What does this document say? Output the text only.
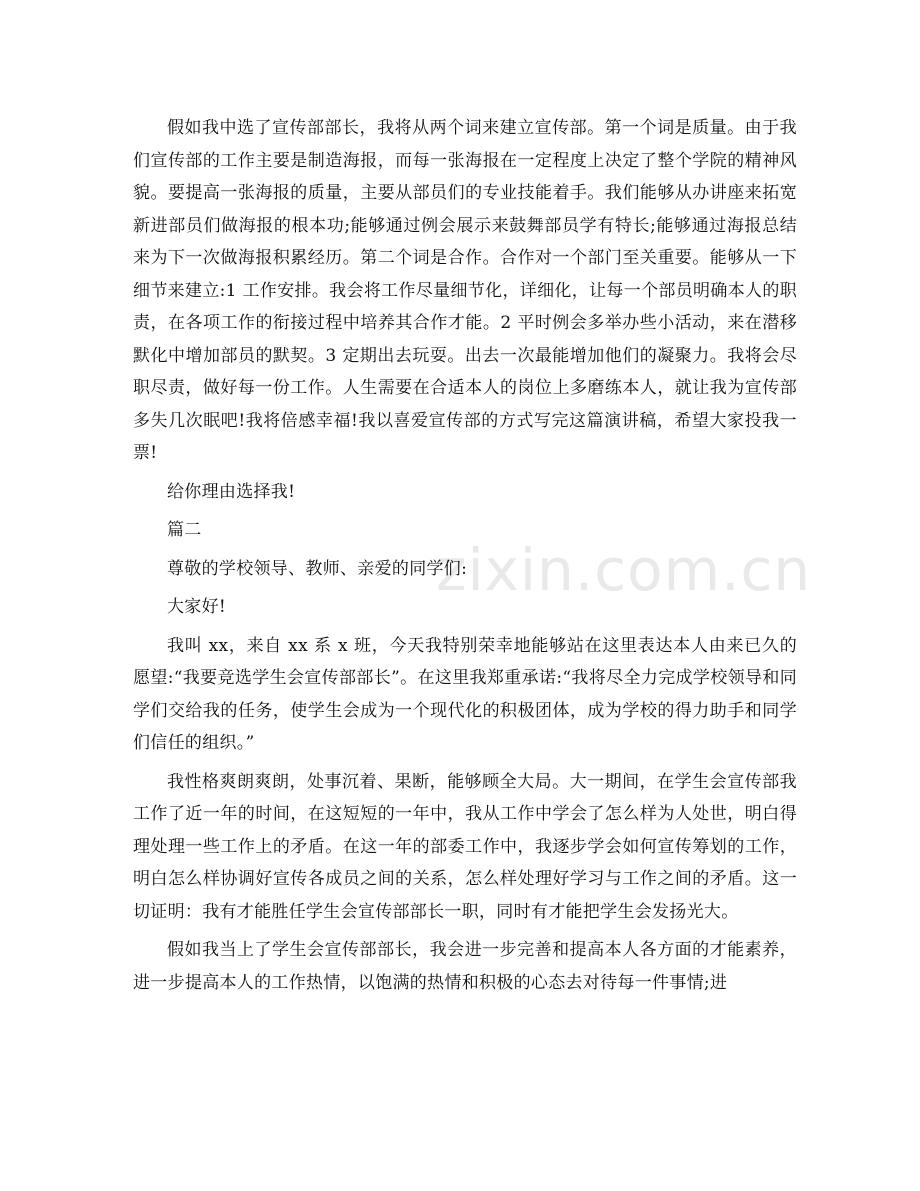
zixin.com.cn

假如我中选了宣传部部长，我将从两个词来建立宣传部。第一个词是质量。由于我们宣传部的工作主要是制造海报，而每一张海报在一定程度上决定了整个学院的精神风貌。要提高一张海报的质量，主要从部员们的专业技能着手。我们能够从办讲座来拓宽新进部员们做海报的根本功;能够通过例会展示来鼓舞部员学有特长;能够通过海报总结来为下一次做海报积累经历。第二个词是合作。合作对一个部门至关重要。能够从一下细节来建立:1 工作安排。我会将工作尽量细节化，详细化，让每一个部员明确本人的职责，在各项工作的衔接过程中培养其合作才能。2 平时例会多举办些小活动，来在潜移默化中增加部员的默契。3 定期出去玩耍。出去一次最能增加他们的凝聚力。我将会尽职尽责，做好每一份工作。人生需要在合适本人的岗位上多磨练本人，就让我为宣传部多失几次眠吧!我将倍感幸福!我以喜爱宣传部的方式写完这篇演讲稿，希望大家投我一票!

给你理由选择我!

篇二

尊敬的学校领导、教师、亲爱的同学们:

大家好!

我叫 xx，来自 xx 系 x 班，今天我特别荣幸地能够站在这里表达本人由来已久的愿望:“我要竞选学生会宣传部部长”。在这里我郑重承诺:“我将尽全力完成学校领导和同学们交给我的任务，使学生会成为一个现代化的积极团体，成为学校的得力助手和同学们信任的组织。”

我性格爽朗爽朗，处事沉着、果断，能够顾全大局。大一期间，在学生会宣传部我工作了近一年的时间，在这短短的一年中，我从工作中学会了怎么样为人处世，明白得理处理一些工作上的矛盾。在这一年的部委工作中，我逐步学会如何宣传筹划的工作，明白怎么样协调好宣传各成员之间的关系，怎么样处理好学习与工作之间的矛盾。这一切证明：我有才能胜任学生会宣传部部长一职，同时有才能把学生会发扬光大。

假如我当上了学生会宣传部部长，我会进一步完善和提高本人各方面的才能素养，进一步提高本人的工作热情，以饱满的热情和积极的心态去对待每一件事情;进
